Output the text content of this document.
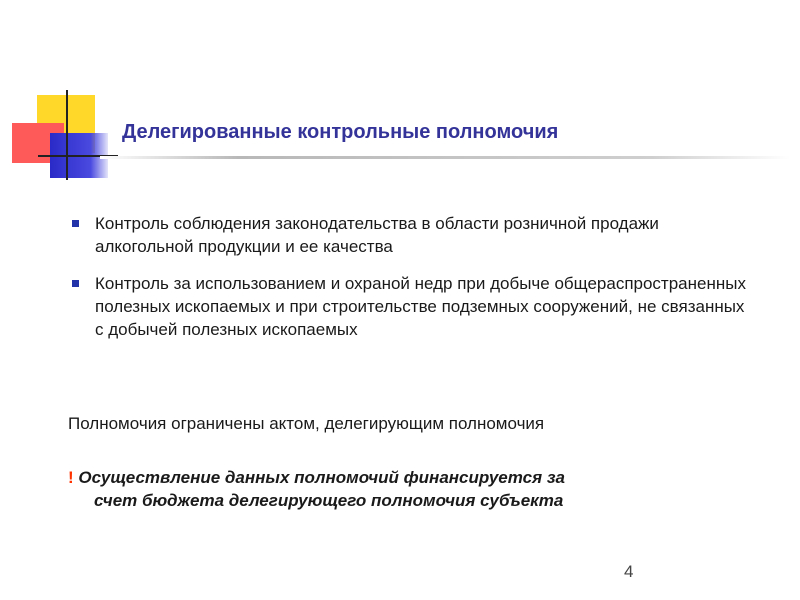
Делегированные контрольные полномочия
Контроль соблюдения законодательства в области розничной продажи алкогольной продукции и ее качества
Контроль за использованием и охраной недр при добыче общераспространенных полезных ископаемых и при строительстве подземных сооружений, не связанных с добычей полезных ископаемых
Полномочия ограничены актом, делегирующим полномочия
! Осуществление данных полномочий финансируется за
счет бюджета делегирующего полномочия субъекта
4
